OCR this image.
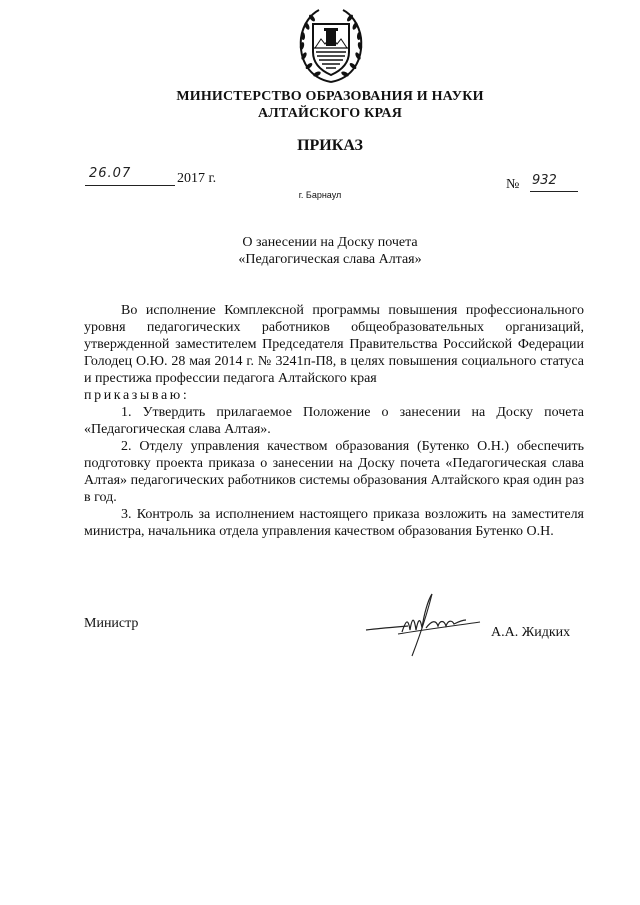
МИНИСТЕРСТВО ОБРАЗОВАНИЯ И НАУКИ
АЛТАЙСКОГО КРАЯ
ПРИКАЗ
26.07	2017 г.	№ 932
г. Барнаул
О занесении на Доску почета
«Педагогическая слава Алтая»

Во исполнение Комплексной программы повышения профессионального уровня педагогических работников общеобразовательных организаций, утвержденной заместителем Председателя Правительства Российской Федерации Голодец О.Ю. 28 мая 2014 г. № 3241п-П8, в целях повышения социального статуса и престижа профессии педагога Алтайского края

приказываю:

1. Утвердить прилагаемое Положение о занесении на Доску почета «Педагогическая слава Алтая».

2. Отделу управления качеством образования (Бутенко О.Н.) обеспечить подготовку проекта приказа о занесении на Доску почета «Педагогическая слава Алтая» педагогических работников системы образования Алтайского края один раз в год.

3. Контроль за исполнением настоящего приказа возложить на заместителя министра, начальника отдела управления качеством образования Бутенко О.Н.

Министр
А.А. Жидких
